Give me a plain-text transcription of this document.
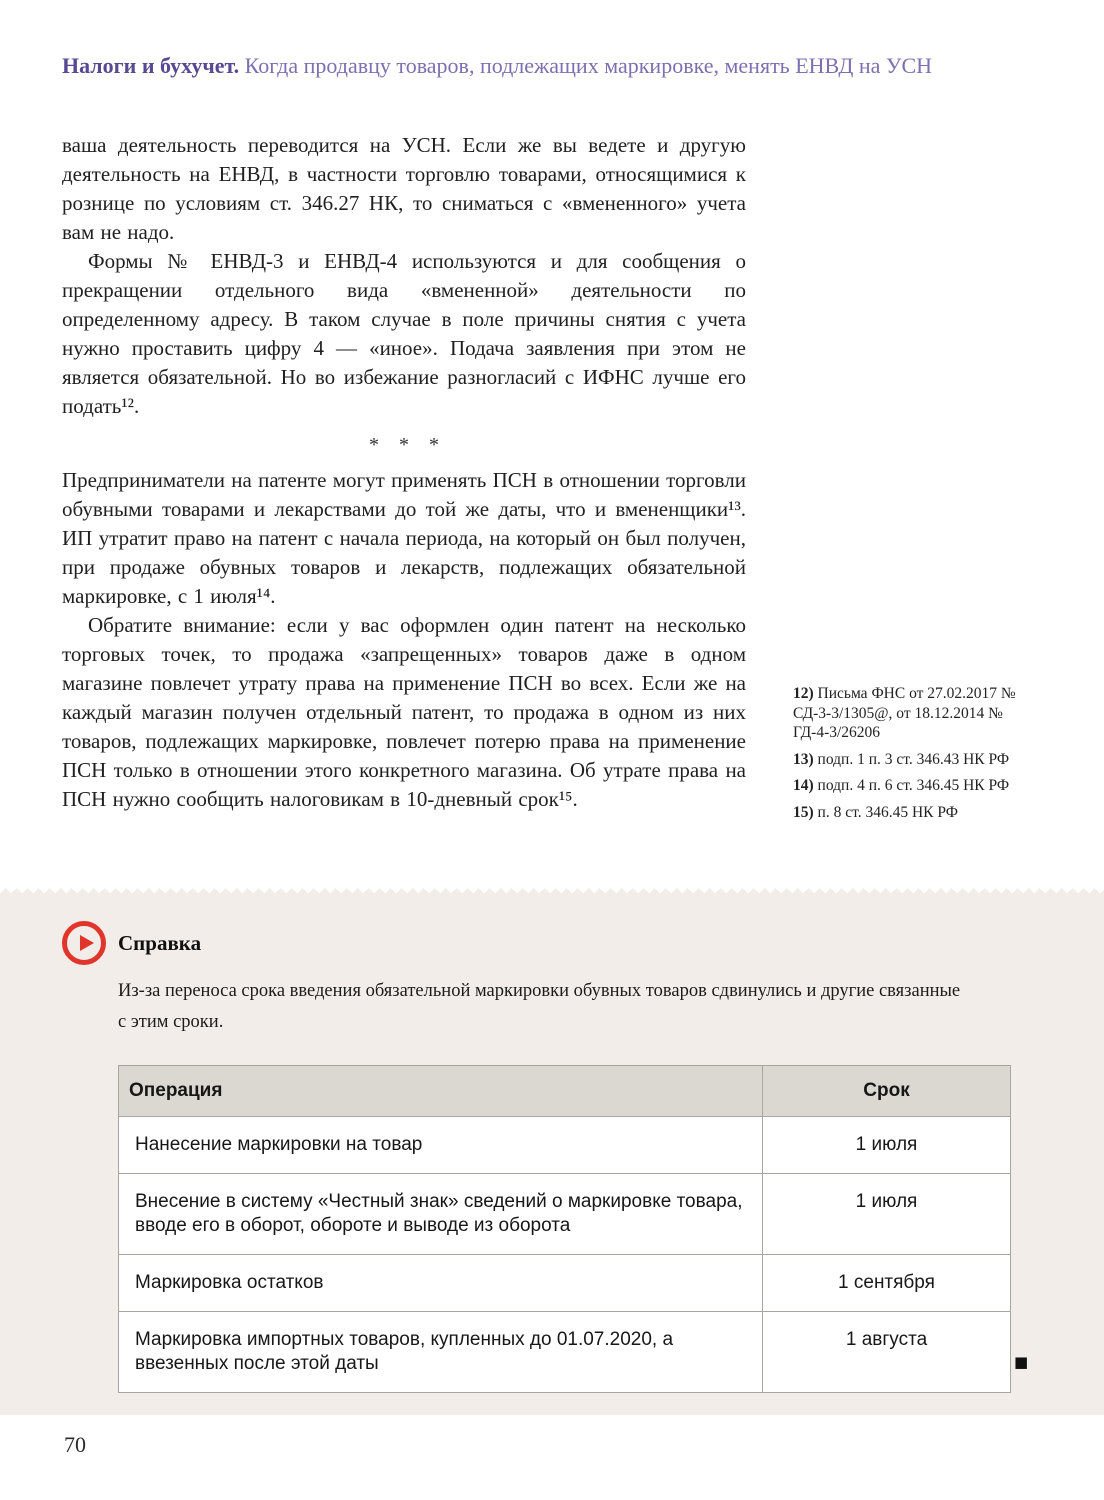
Налоги и бухучет. Когда продавцу товаров, подлежащих маркировке, менять ЕНВД на УСН

ваша деятельность переводится на УСН. Если же вы ведете и другую деятельность на ЕНВД, в частности торговлю товарами, относящимися к рознице по условиям ст. 346.27 НК, то сниматься с «вмененного» учета вам не надо.

Формы № ЕНВД-3 и ЕНВД-4 используются и для сообщения о прекращении отдельного вида «вмененной» деятельности по определенному адресу. В таком случае в поле причины снятия с учета нужно проставить цифру 4 — «иное». Подача заявления при этом не является обязательной. Но во избежание разногласий с ИФНС лучше его подать¹².

* * *

Предприниматели на патенте могут применять ПСН в отношении торговли обувными товарами и лекарствами до той же даты, что и вмененщики¹³. ИП утратит право на патент с начала периода, на который он был получен, при продаже обувных товаров и лекарств, подлежащих обязательной маркировке, с 1 июля¹⁴.

Обратите внимание: если у вас оформлен один патент на несколько торговых точек, то продажа «запрещенных» товаров даже в одном магазине повлечет утрату права на применение ПСН во всех. Если же на каждый магазин получен отдельный патент, то продажа в одном из них товаров, подлежащих маркировке, повлечет потерю права на применение ПСН только в отношении этого конкретного магазина. Об утрате права на ПСН нужно сообщить налоговикам в 10-дневный срок¹⁵.

12) Письма ФНС от 27.02.2017 № СД-3-3/1305@, от 18.12.2014 № ГД-4-3/26206

13) подп. 1 п. 3 ст. 346.43 НК РФ

14) подп. 4 п. 6 ст. 346.45 НК РФ

15) п. 8 ст. 346.45 НК РФ

Справка
Из-за переноса срока введения обязательной маркировки обувных товаров сдвинулись и другие связанные с этим сроки.
Операция	Срок
Нанесение маркировки на товар	1 июля
Внесение в систему «Честный знак» сведений о маркировке товара, вводе его в оборот, обороте и выводе из оборота	1 июля
Маркировка остатков	1 сентября
Маркировка импортных товаров, купленных до 01.07.2020, а ввезенных после этой даты	1 августа
■
70
